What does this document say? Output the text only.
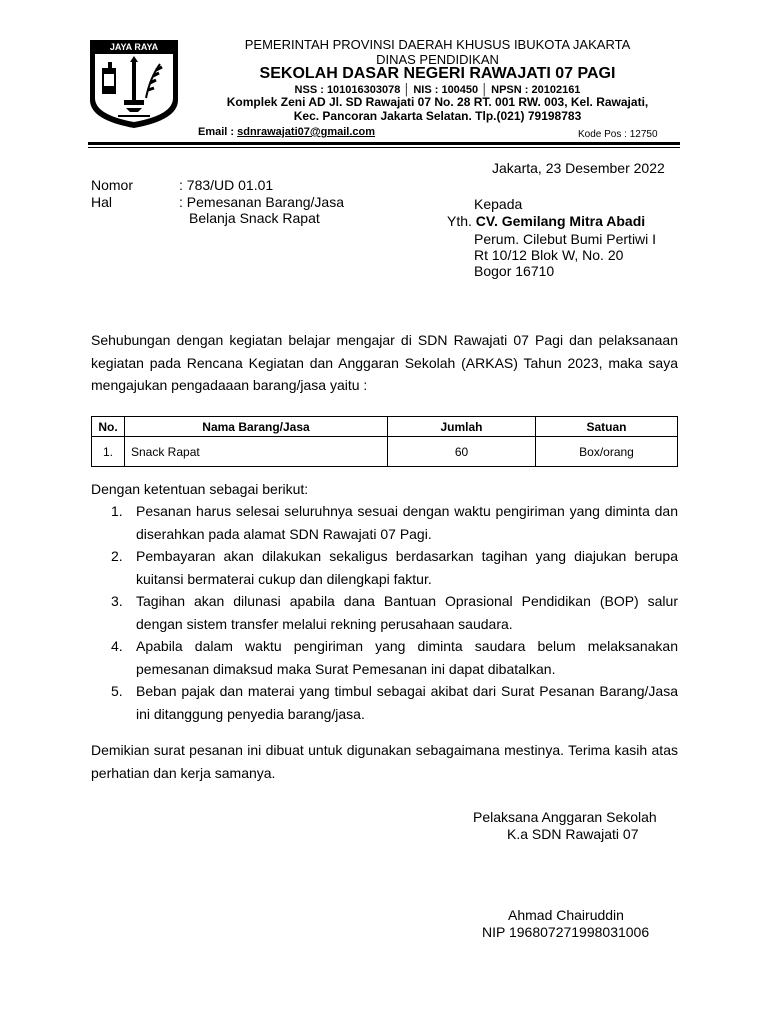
JAYA RAYA	PEMERINTAH PROVINSI DAERAH KHUSUS IBUKOTA JAKARTA
DINAS PENDIDIKAN
SEKOLAH DASAR NEGERI RAWAJATI 07 PAGI
NSS : 101016303078 │ NIS : 100450 │ NPSN : 20102161
Komplek Zeni AD Jl. SD Rawajati 07 No. 28 RT. 001 RW. 003, Kel. Rawajati,
Kec. Pancoran Jakarta Selatan. Tlp.(021) 79198783
Email : sdnrawajati07@gmail.com	Kode Pos : 12750
Jakarta, 23 Desember 2022
Nomor	: 783/UD 01.01
Hal	: Pemesanan Barang/Jasa
Belanja Snack Rapat
Kepada
Yth. CV. Gemilang Mitra Abadi
Perum. Cilebut Bumi Pertiwi I
Rt 10/12 Blok W, No. 20
Bogor 16710
Sehubungan dengan kegiatan belajar mengajar di SDN Rawajati 07 Pagi dan pelaksanaan kegiatan pada Rencana Kegiatan dan Anggaran Sekolah (ARKAS) Tahun 2023, maka saya mengajukan pengadaaan barang/jasa yaitu :
No.	Nama Barang/Jasa	Jumlah	Satuan
1.	Snack Rapat	60	Box/orang
Dengan ketentuan sebagai berikut:
1. Pesanan harus selesai seluruhnya sesuai dengan waktu pengiriman yang diminta dan diserahkan pada alamat SDN Rawajati 07 Pagi.
2. Pembayaran akan dilakukan sekaligus berdasarkan tagihan yang diajukan berupa kuitansi bermaterai cukup dan dilengkapi faktur.
3. Tagihan akan dilunasi apabila dana Bantuan Oprasional Pendidikan (BOP) salur dengan sistem transfer melalui rekning perusahaan saudara.
4. Apabila dalam waktu pengiriman yang diminta saudara belum melaksanakan pemesanan dimaksud maka Surat Pemesanan ini dapat dibatalkan.
5. Beban pajak dan materai yang timbul sebagai akibat dari Surat Pesanan Barang/Jasa ini ditanggung penyedia barang/jasa.
Demikian surat pesanan ini dibuat untuk digunakan sebagaimana mestinya. Terima kasih atas perhatian dan kerja samanya.
Pelaksana Anggaran Sekolah
K.a SDN Rawajati 07
Ahmad Chairuddin
NIP 196807271998031006
